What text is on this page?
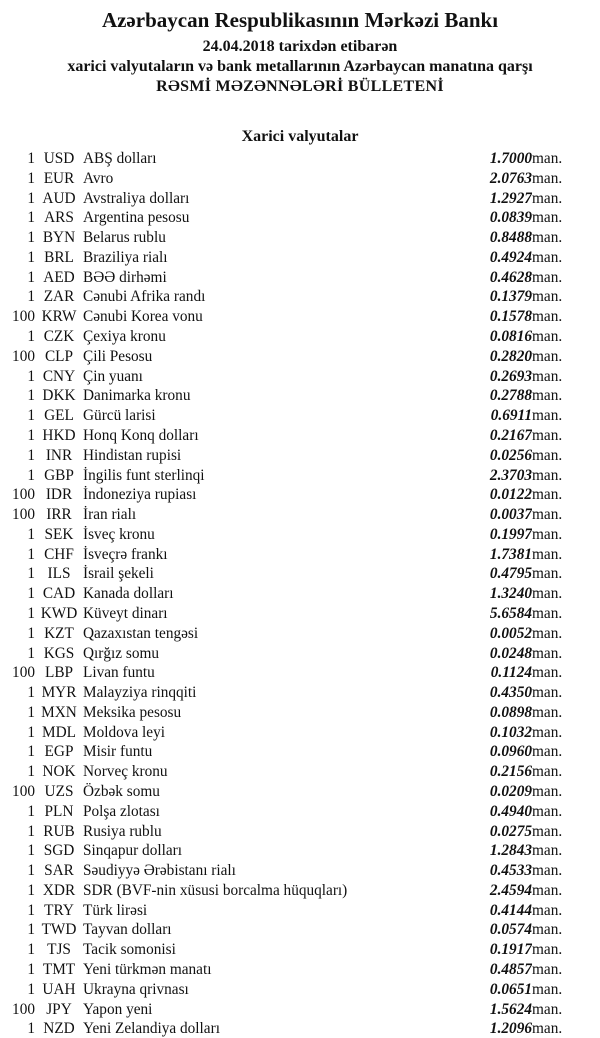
Azərbaycan Respublikasının Mərkəzi Bankı
24.04.2018 tarixdən etibarən
xarici valyutaların və bank metallarının Azərbaycan manatına qarşı
RƏSMİ MƏZƏNNƏLƏRİ BÜLLETENİ
Xarici valyutalar
1	USD	ABŞ dolları	1.7000	man.
1	EUR	Avro	2.0763	man.
1	AUD	Avstraliya dolları	1.2927	man.
1	ARS	Argentina pesosu	0.0839	man.
1	BYN	Belarus rublu	0.8488	man.
1	BRL	Braziliya rialı	0.4924	man.
1	AED	BƏƏ dirhəmi	0.4628	man.
1	ZAR	Cənubi Afrika randı	0.1379	man.
100	KRW	Cənubi Korea vonu	0.1578	man.
1	CZK	Çexiya kronu	0.0816	man.
100	CLP	Çili Pesosu	0.2820	man.
1	CNY	Çin yuanı	0.2693	man.
1	DKK	Danimarka kronu	0.2788	man.
1	GEL	Gürcü larisi	0.6911	man.
1	HKD	Honq Konq dolları	0.2167	man.
1	INR	Hindistan rupisi	0.0256	man.
1	GBP	İngilis funt sterlinqi	2.3703	man.
100	IDR	İndoneziya rupiası	0.0122	man.
100	IRR	İran rialı	0.0037	man.
1	SEK	İsveç kronu	0.1997	man.
1	CHF	İsveçrə frankı	1.7381	man.
1	ILS	İsrail şekeli	0.4795	man.
1	CAD	Kanada dolları	1.3240	man.
1	KWD	Küveyt dinarı	5.6584	man.
1	KZT	Qazaxıstan tengəsi	0.0052	man.
1	KGS	Qırğız somu	0.0248	man.
100	LBP	Livan funtu	0.1124	man.
1	MYR	Malayziya rinqqiti	0.4350	man.
1	MXN	Meksika pesosu	0.0898	man.
1	MDL	Moldova leyi	0.1032	man.
1	EGP	Misir funtu	0.0960	man.
1	NOK	Norveç kronu	0.2156	man.
100	UZS	Özbək somu	0.0209	man.
1	PLN	Polşa zlotası	0.4940	man.
1	RUB	Rusiya rublu	0.0275	man.
1	SGD	Sinqapur dolları	1.2843	man.
1	SAR	Səudiyyə Ərəbistanı rialı	0.4533	man.
1	XDR	SDR (BVF-nin xüsusi borcalma hüquqları)	2.4594	man.
1	TRY	Türk lirəsi	0.4144	man.
1	TWD	Tayvan dolları	0.0574	man.
1	TJS	Tacik somonisi	0.1917	man.
1	TMT	Yeni türkmən manatı	0.4857	man.
1	UAH	Ukrayna qrivnası	0.0651	man.
100	JPY	Yapon yeni	1.5624	man.
1	NZD	Yeni Zelandiya dolları	1.2096	man.
